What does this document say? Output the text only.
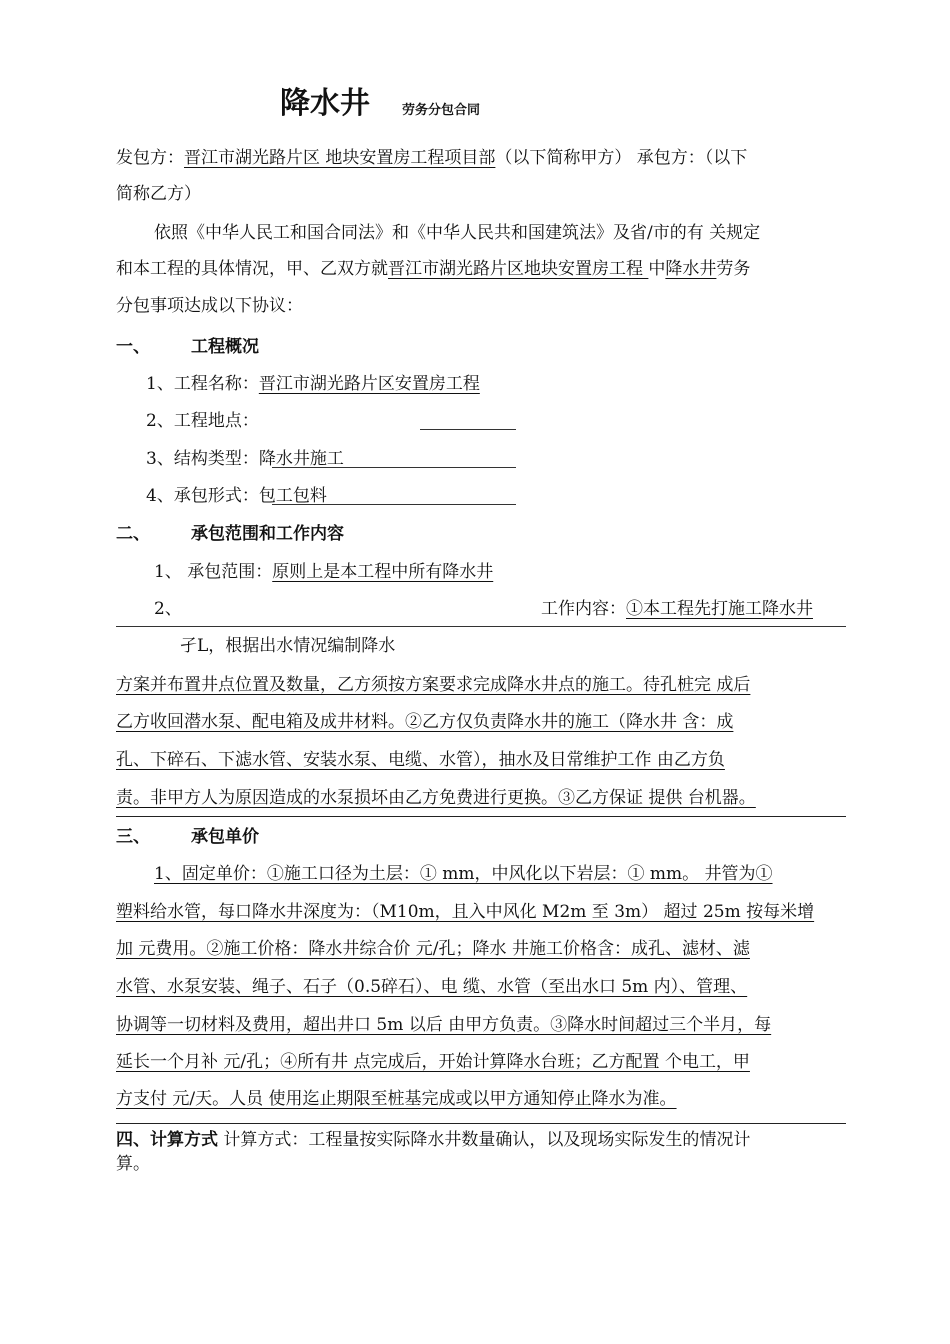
降水井 劳务分包合同
发包方：晋江市湖光路片区 地块安置房工程项目部（以下简称甲方） 承包方：（以下
简称乙方）
依照《中华人民工和国合同法》和《中华人民共和国建筑法》及省/市的有 关规定
和本工程的具体情况，甲、乙双方就晋江市湖光路片区地块安置房工程 中降水井劳务
分包事项达成以下协议：
一、 工程概况
1、工程名称：晋江市湖光路片区安置房工程
2、工程地点：
3、结构类型：降水井施工
4、承包形式：包工包料
二、 承包范围和工作内容
1、 承包范围：原则上是本工程中所有降水井
2、	工作内容：①本工程先打施工降水井
孑L，根据出水情况编制降水
方案并布置井点位置及数量，乙方须按方案要求完成降水井点的施工。待孔桩完 成后
乙方收回潜水泵、配电箱及成井材料。②乙方仅负责降水井的施工（降水井 含：成
孔、下碎石、下滤水管、安装水泵、电缆、水管），抽水及日常维护工作 由乙方负
责。非甲方人为原因造成的水泵损坏由乙方免费进行更换。③乙方保证 提供 台机器。
三、 承包单价
1、固定单价：①施工口径为土层：① mm，中风化以下岩层：① mm。 井管为①
塑料给水管，每口降水井深度为：（M10m，且入中风化 M2m 至 3m） 超过 25m 按每米增
加 元费用。②施工价格：降水井综合价 元/孔；降水 井施工价格含：成孔、滤材、滤
水管、水泵安装、绳子、石子（0.5碎石）、电 缆、水管（至出水口 5m 内）、管理、
协调等一切材料及费用，超出井口 5m 以后 由甲方负责。③降水时间超过三个半月，每
延长一个月补 元/孔；④所有井 点完成后，开始计算降水台班；乙方配置 个电工，甲
方支付 元/天。人员 使用迄止期限至桩基完成或以甲方通知停止降水为准。
四、计算方式 计算方式：工程量按实际降水井数量确认，以及现场实际发生的情况计
算。
